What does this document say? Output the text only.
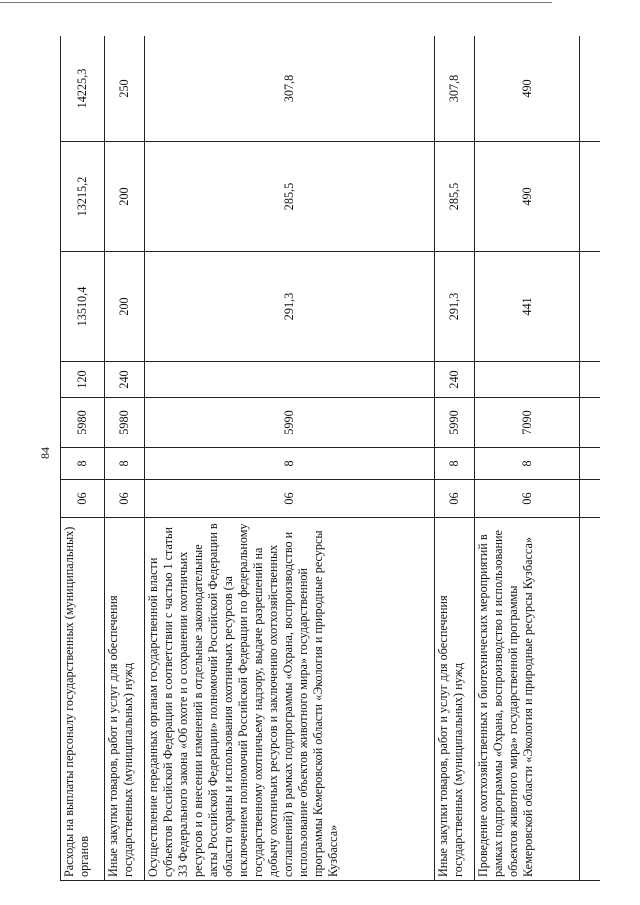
84
Расходы на выплаты персоналу государственных (муниципальных) органов	06	8	5980	120	13510,4	13215,2	14225,3
Иные закупки товаров, работ и услуг для обеспечения государственных (муниципальных) нужд	06	8	5980	240	200	200	250
Осуществление переданных органам государственной власти субъектов Российской Федерации в соответствии с частью 1 статьи 33 Федерального закона «Об охоте и о сохранении охотничьих ресурсов и о внесении изменений в отдельные законодательные акты Российской Федерации» полномочий Российской Федерации в области охраны и использования охотничьих ресурсов (за исключением полномочий Российской Федерации по федеральному государственному охотничьему надзору, выдаче разрешений на добычу охотничьих ресурсов и заключению охотхозяйственных соглашений) в рамках подпрограммы «Охрана, воспроизводство и использование объектов животного мира» государственной программы Кемеровской области «Экология и природные ресурсы Кузбасса»	06	8	5990		291,3	285,5	307,8
Иные закупки товаров, работ и услуг для обеспечения государственных (муниципальных) нужд	06	8	5990	240	291,3	285,5	307,8
Проведение охотхозяйственных и биотехнических мероприятий в рамках подпрограммы «Охрана, воспроизводство и использование объектов животного мира» государственной программы Кемеровской области «Экология и природные ресурсы Кузбасса»	06	8	7090		441	490	490
